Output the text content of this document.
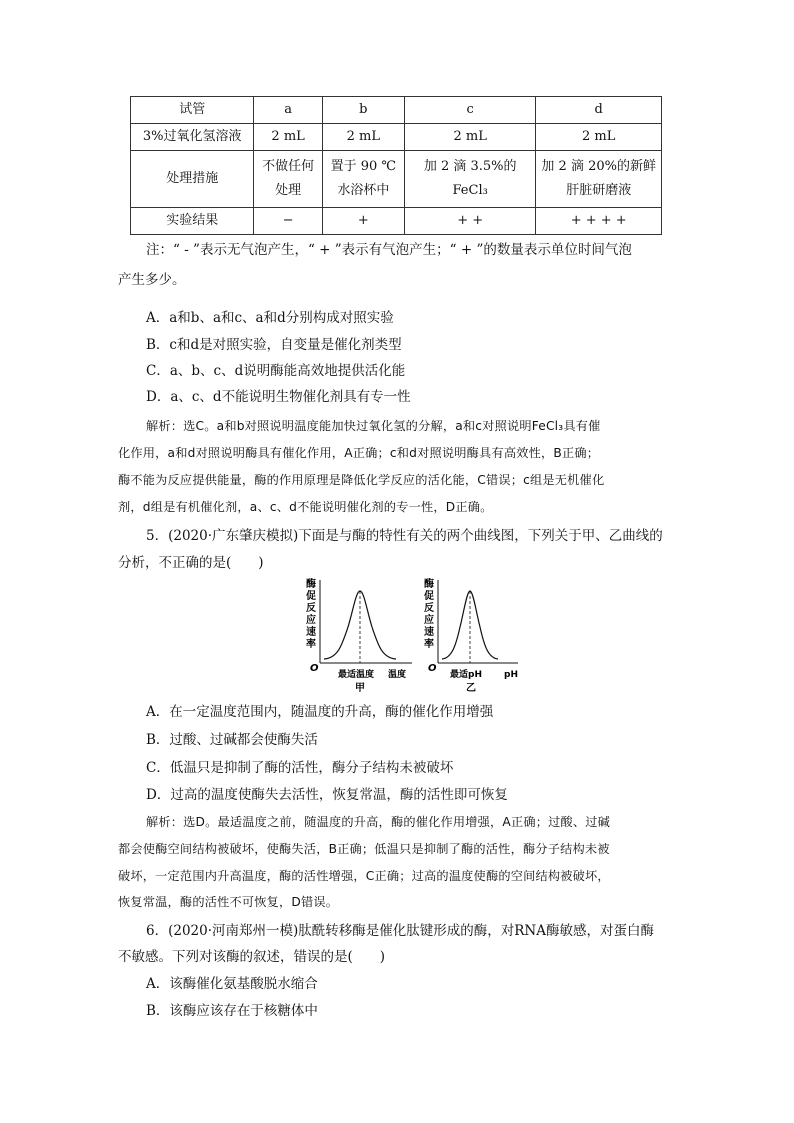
试管	a	b	c	d
3%过氧化氢溶液	2 mL	2 mL	2 mL	2 mL
处理措施	不做任何处理	置于 90 ℃水浴杯中	加 2 滴 3.5%的 FeCl₃	加 2 滴 20%的新鲜肝脏研磨液
实验结果	−	+	+ +	+ + + +
注：“ - ”表示无气泡产生，“ + ”表示有气泡产生；“ + ”的数量表示单位时间气泡
产生多少。
A．a和b、a和c、a和d分别构成对照实验
B．c和d是对照实验，自变量是催化剂类型
C．a、b、c、d说明酶能高效地提供活化能
D．a、c、d不能说明生物催化剂具有专一性
解析：选C。a和b对照说明温度能加快过氧化氢的分解，a和c对照说明FeCl₃具有催
化作用，a和d对照说明酶具有催化作用，A正确；c和d对照说明酶具有高效性，B正确；
酶不能为反应提供能量，酶的作用原理是降低化学反应的活化能，C错误；c组是无机催化
剂，d组是有机催化剂，a、c、d不能说明催化剂的专一性，D正确。
5．(2020·广东肇庆模拟)下面是与酶的特性有关的两个曲线图，下列关于甲、乙曲线的
分析，不正确的是(　　)
酶
促
反
应
速
率
O
最适温度 温度
甲
酶
促
反
应
速
率
O
最适pH pH
乙
A．在一定温度范围内，随温度的升高，酶的催化作用增强
B．过酸、过碱都会使酶失活
C．低温只是抑制了酶的活性，酶分子结构未被破坏
D．过高的温度使酶失去活性，恢复常温，酶的活性即可恢复
解析：选D。最适温度之前，随温度的升高，酶的催化作用增强，A正确；过酸、过碱
都会使酶空间结构被破坏，使酶失活，B正确；低温只是抑制了酶的活性，酶分子结构未被
破坏，一定范围内升高温度，酶的活性增强，C正确；过高的温度使酶的空间结构被破坏，
恢复常温，酶的活性不可恢复，D错误。
6．(2020·河南郑州一模)肽酰转移酶是催化肽键形成的酶，对RNA酶敏感，对蛋白酶
不敏感。下列对该酶的叙述，错误的是(　　)
A．该酶催化氨基酸脱水缩合
B．该酶应该存在于核糖体中
